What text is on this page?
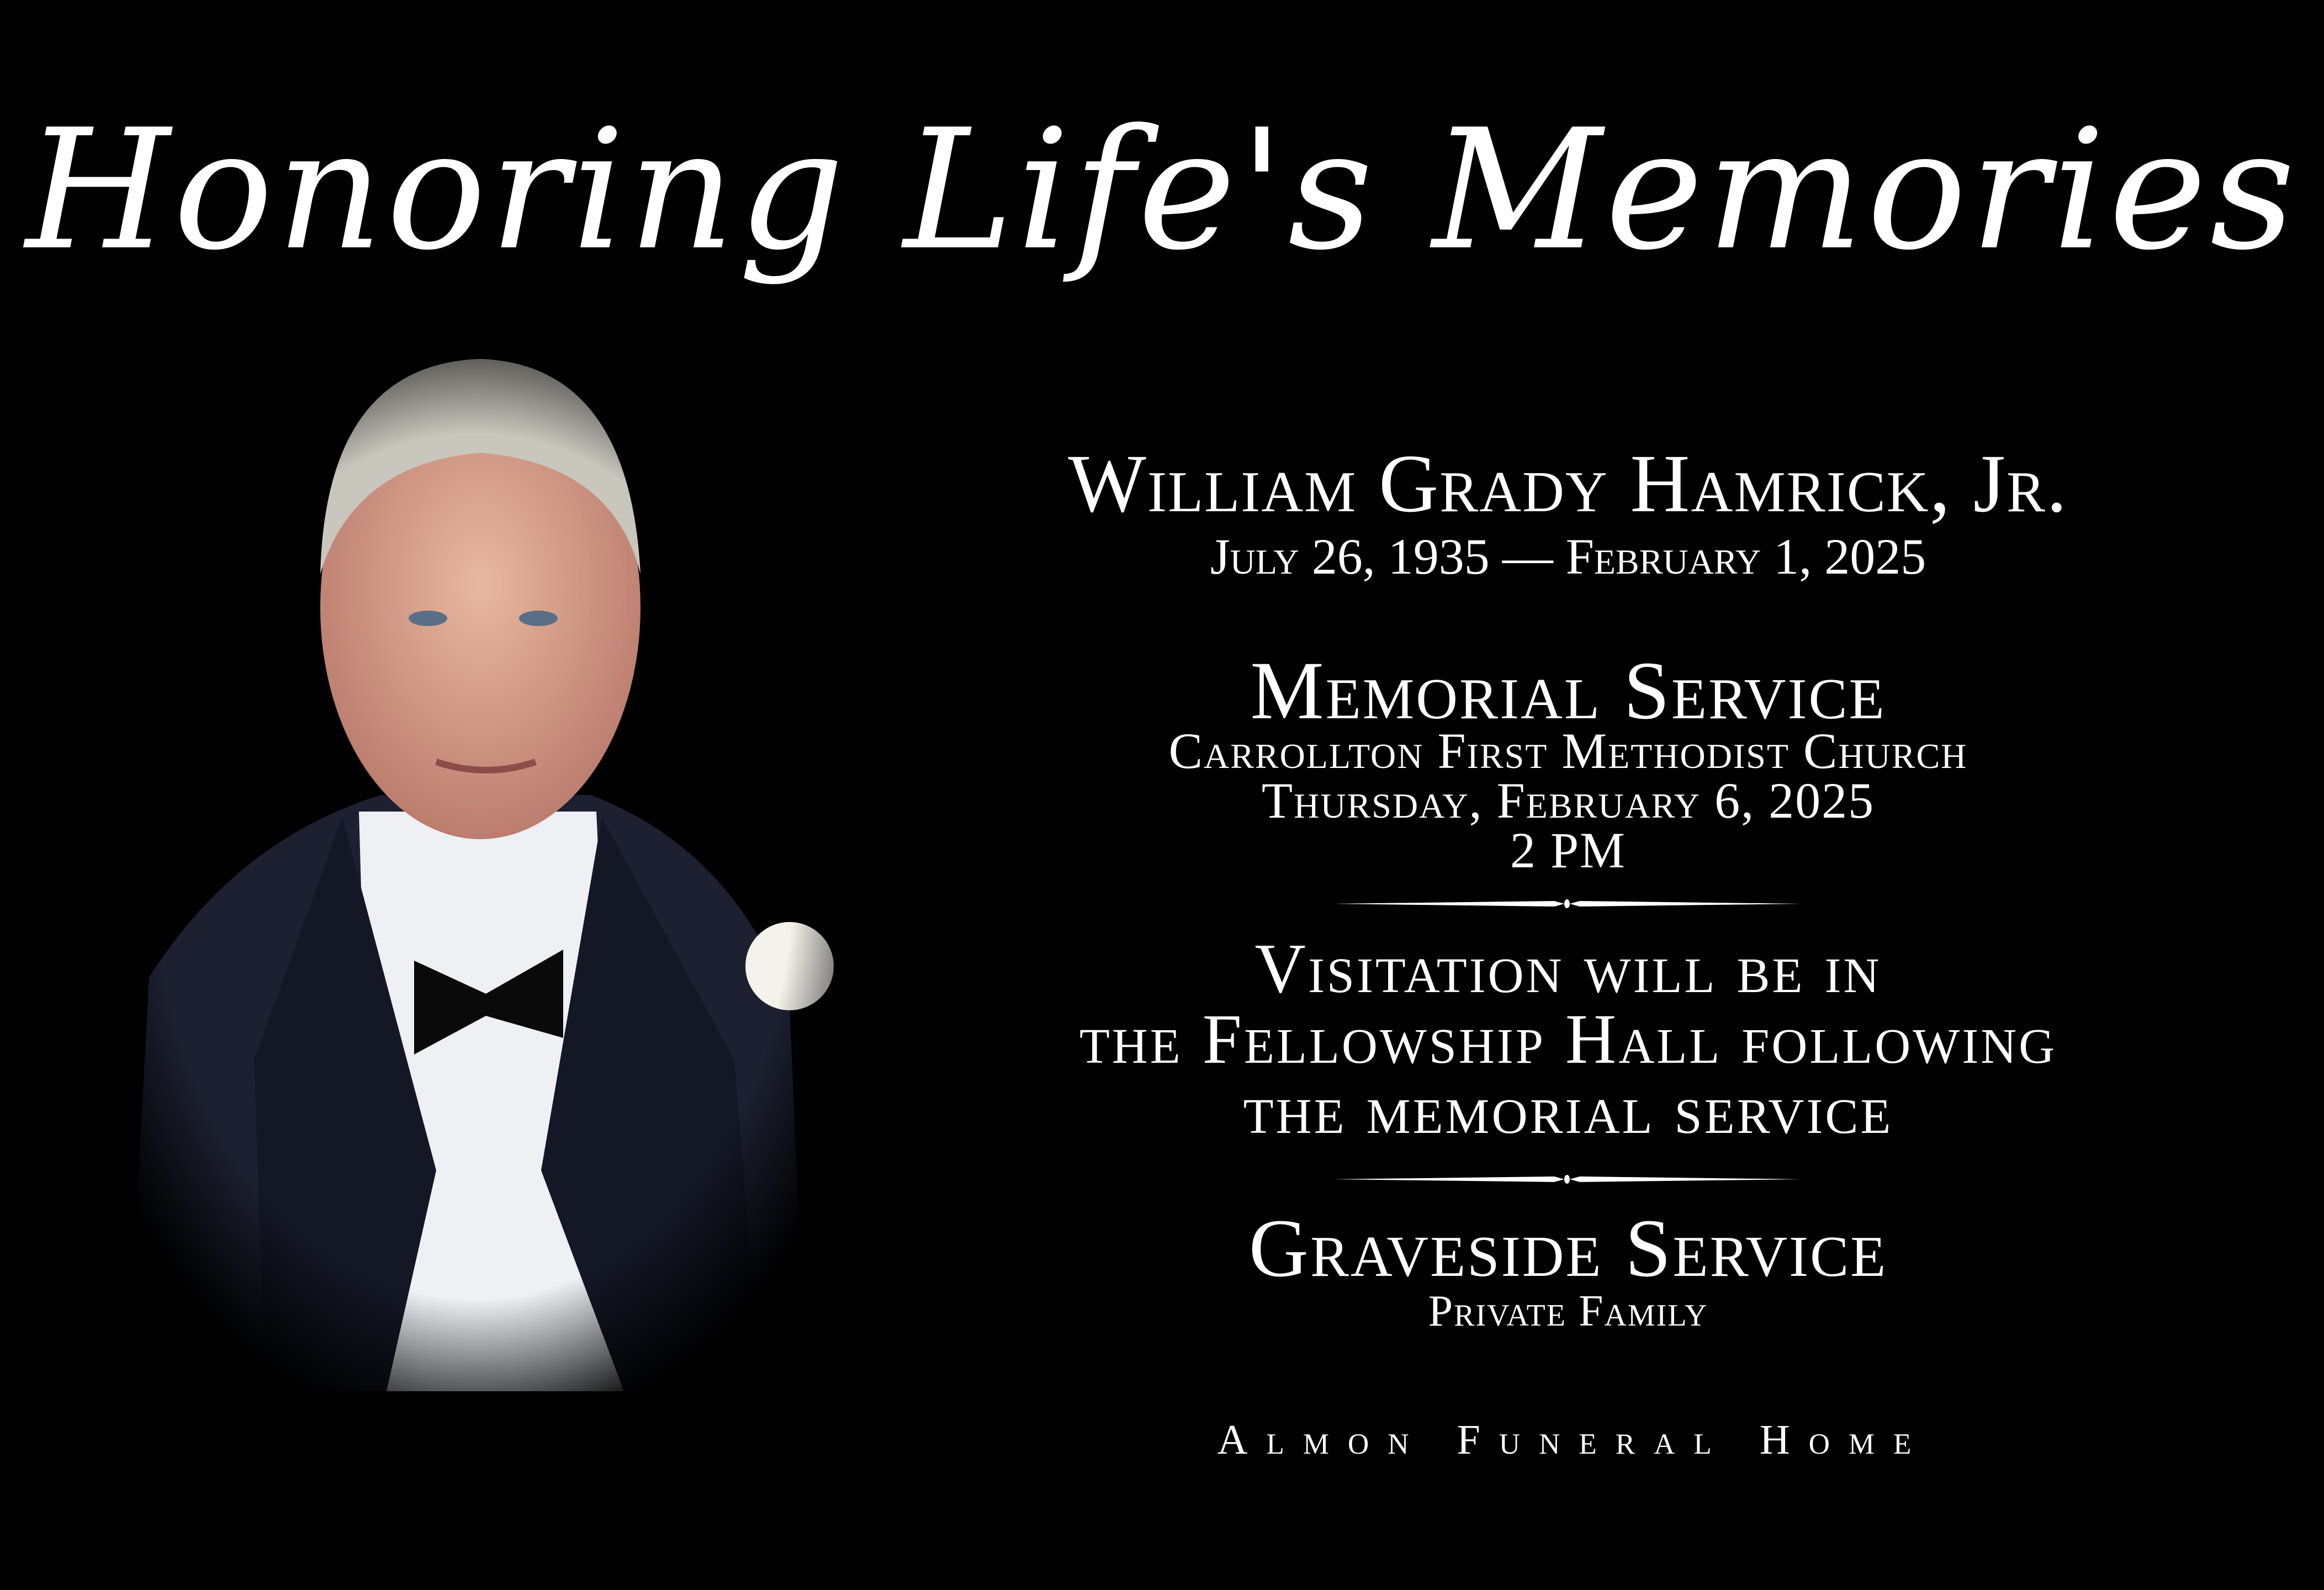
Honoring Life's Memories
William Grady Hamrick, Jr.
July 26, 1935 — February 1, 2025
Memorial Service
Carrollton First Methodist Church
Thursday, February 6, 2025
2 PM
Visitation will be in
the Fellowship Hall following
the memorial service
Graveside Service
Private Family
Almon Funeral Home
